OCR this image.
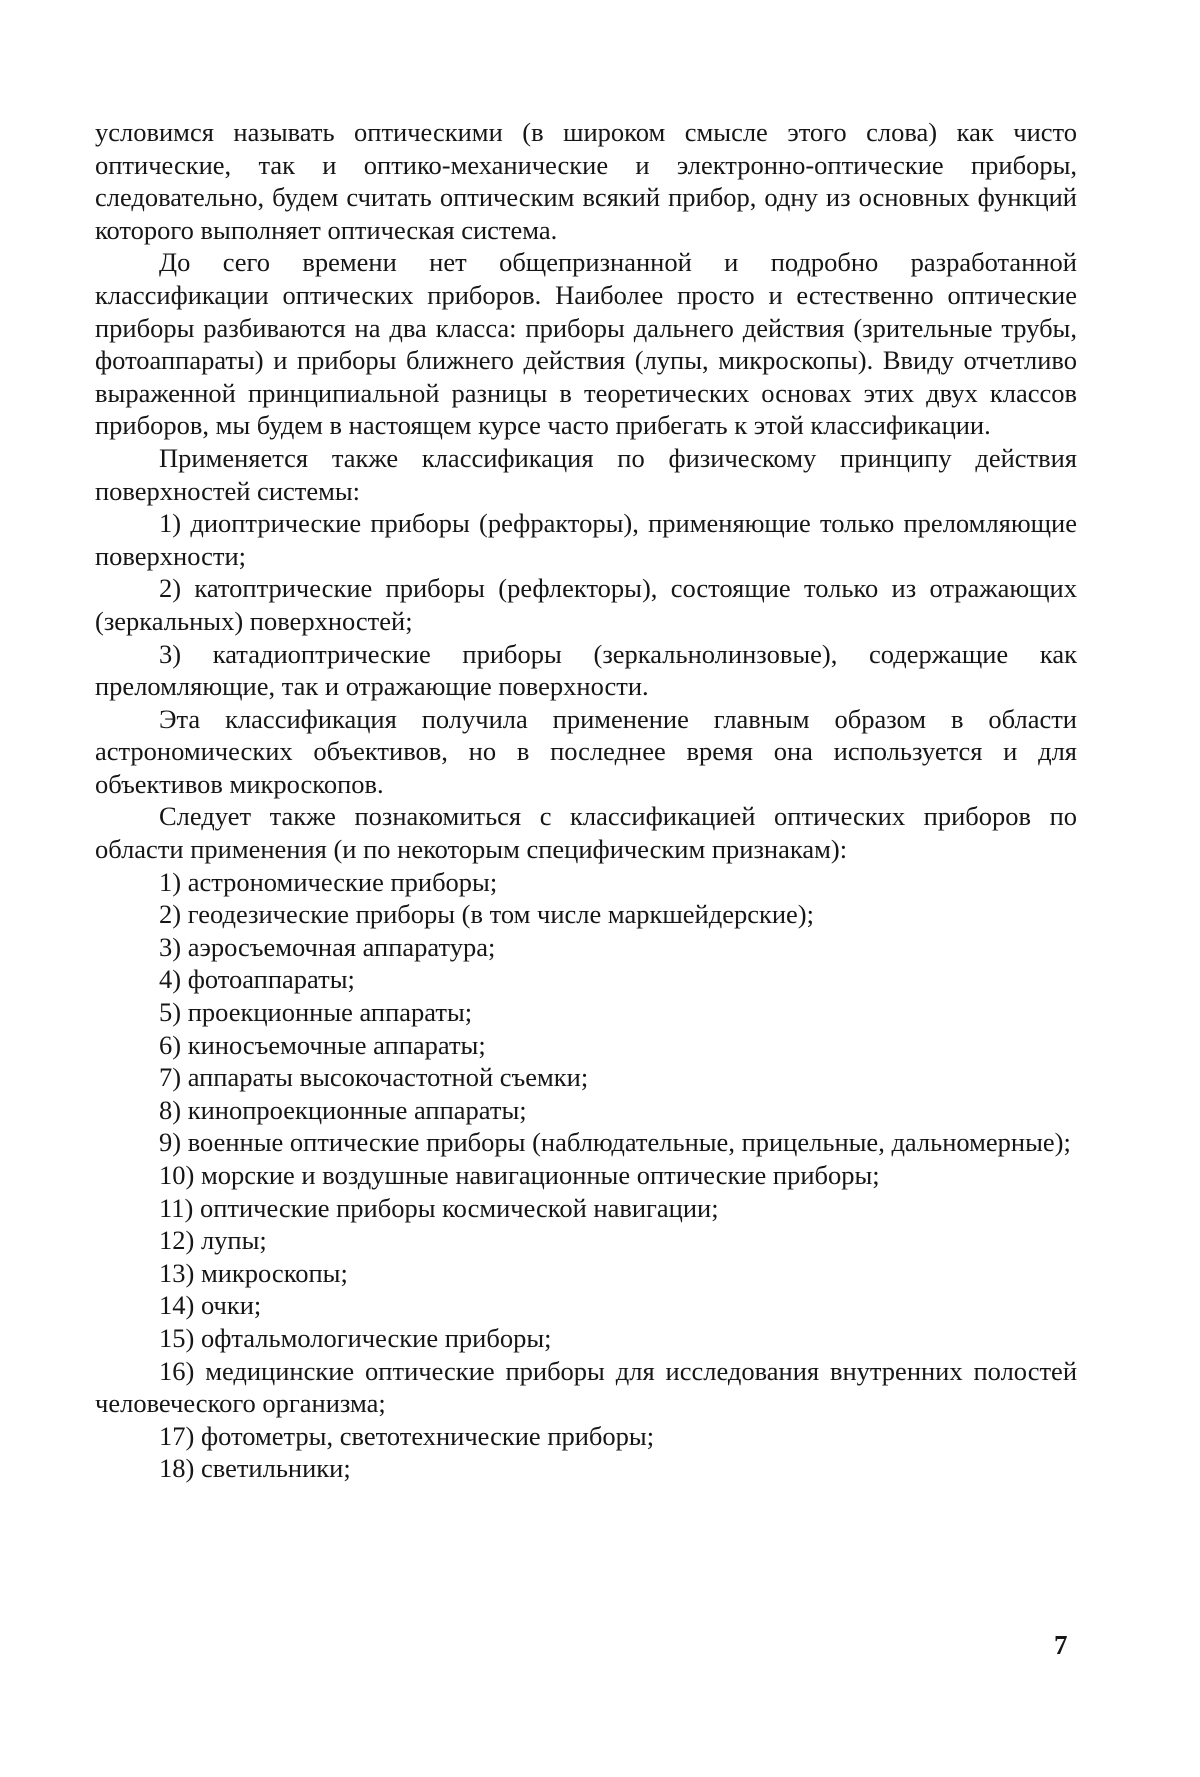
условимся называть оптическими (в широком смысле этого слова) как чисто оптические, так и оптико-механические и электронно-оптические приборы, следовательно, будем считать оптическим всякий прибор, одну из основных функций которого выполняет оптическая система.

До сего времени нет общепризнанной и подробно разработанной классификации оптических приборов. Наиболее просто и естественно оптические приборы разбиваются на два класса: приборы дальнего действия (зрительные трубы, фотоаппараты) и приборы ближнего действия (лупы, микроскопы). Ввиду отчетливо выраженной принципиальной разницы в теоретических основах этих двух классов приборов, мы будем в настоящем курсе часто прибегать к этой классификации.

Применяется также классификация по физическому принципу действия поверхностей системы:

1) диоптрические приборы (рефракторы), применяющие только преломляющие поверхности;
2) катоптрические приборы (рефлекторы), состоящие только из отражающих (зеркальных) поверхностей;
3) катадиоптрические приборы (зеркальнолинзовые), содержащие как преломляющие, так и отражающие поверхности.

Эта классификация получила применение главным образом в области астрономических объективов, но в последнее время она используется и для объективов микроскопов.

Следует также познакомиться с классификацией оптических приборов по области применения (и по некоторым специфическим признакам):

1) астрономические приборы;
2) геодезические приборы (в том числе маркшейдерские);
3) аэросъемочная аппаратура;
4) фотоаппараты;
5) проекционные аппараты;
6) киносъемочные аппараты;
7) аппараты высокочастотной съемки;
8) кинопроекционные аппараты;
9) военные оптические приборы (наблюдательные, прицельные, дальномерные);
10) морские и воздушные навигационные оптические приборы;
11) оптические приборы космической навигации;
12) лупы;
13) микроскопы;
14) очки;
15) офтальмологические приборы;
16) медицинские оптические приборы для исследования внутренних полостей человеческого организма;
17) фотометры, светотехнические приборы;
18) светильники;
7
